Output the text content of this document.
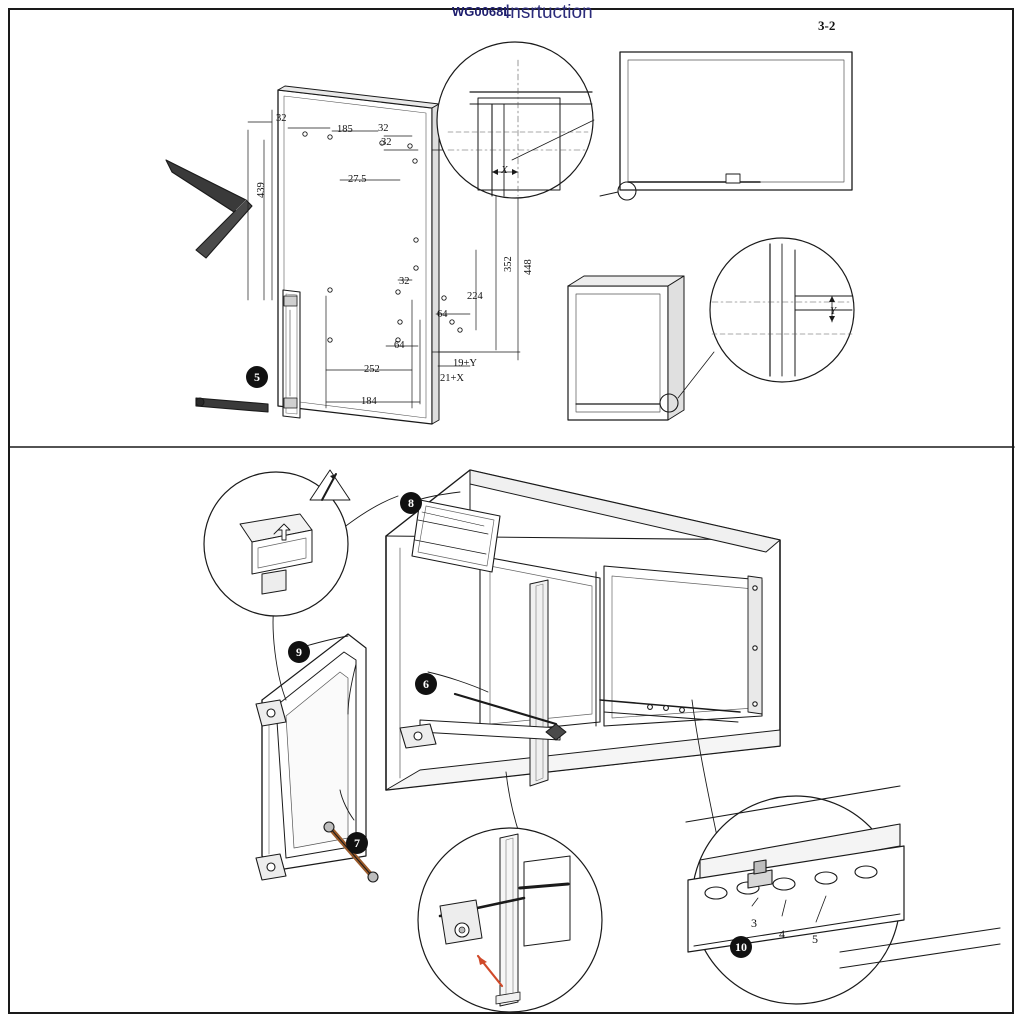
WG0068L
Insrtuction
3-2
32
185 32
32
27.5
439
352 448
32
224
64
64
252
19+Y
21+X
184
X
Y
5
8
9
6
7
10
3
4 5
